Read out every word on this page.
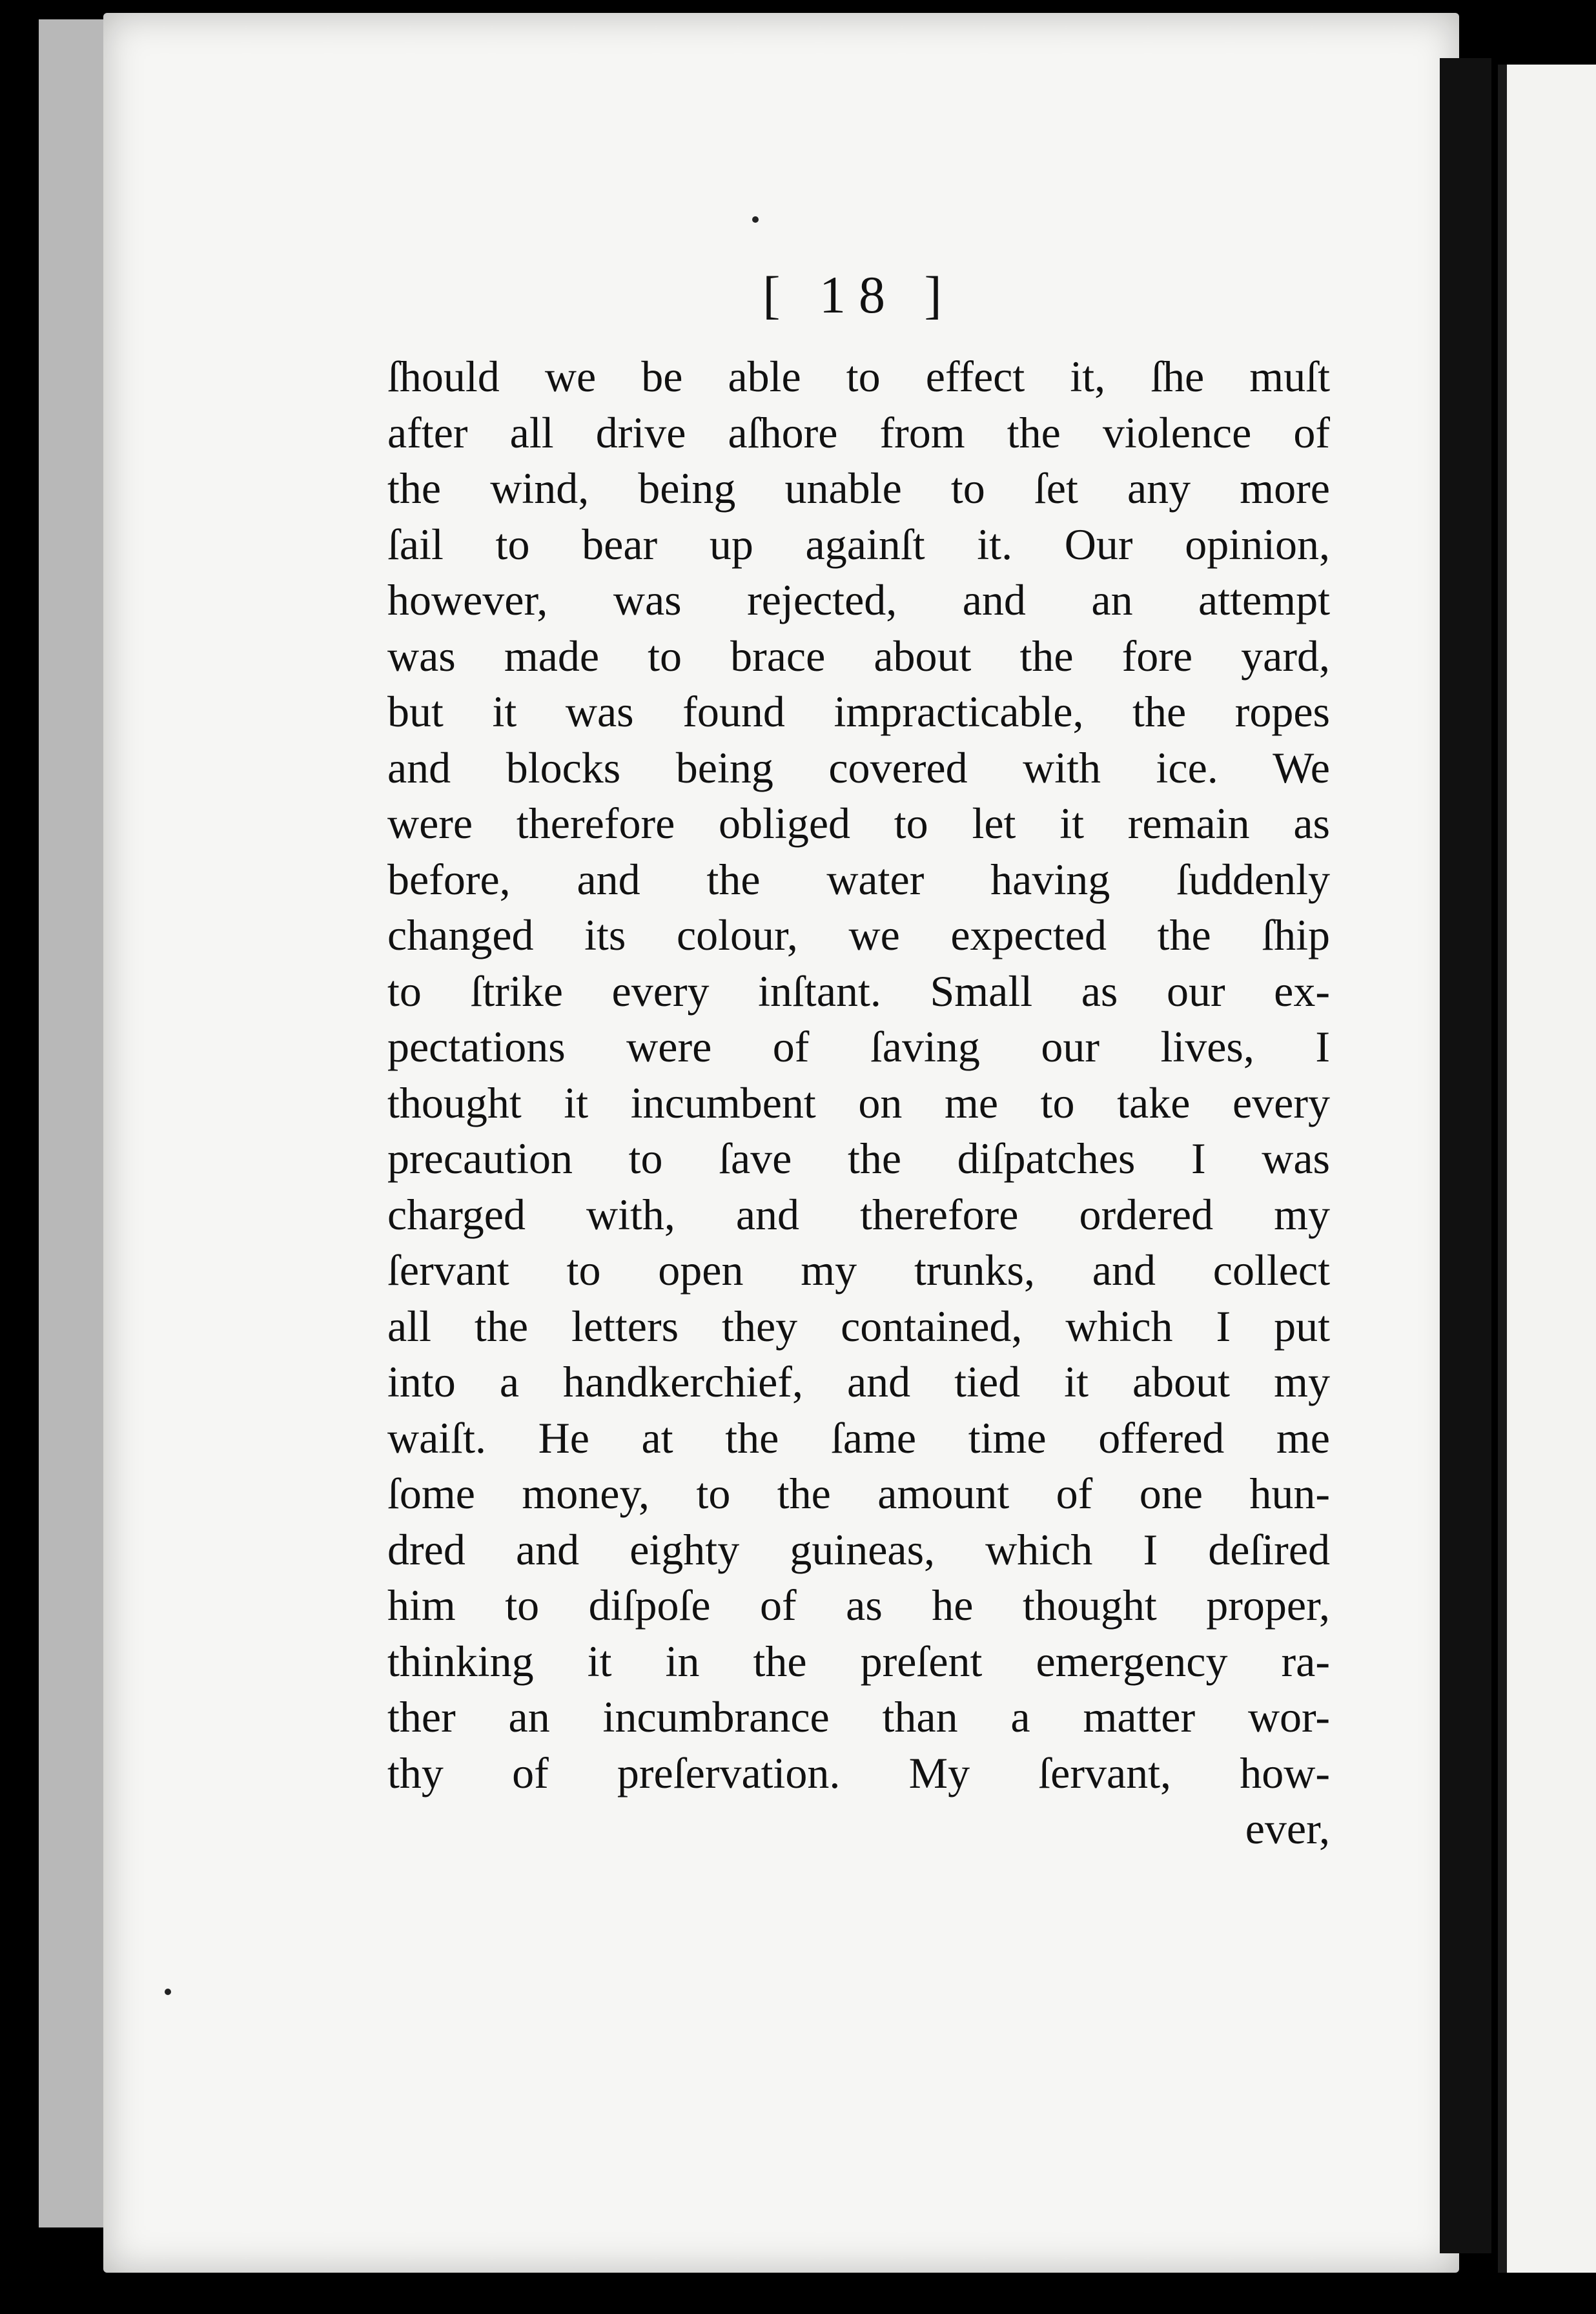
[ 18 ]
ſhould we be able to effect it, ſhe muſt
after all drive aſhore from the violence of
the wind, being unable to ſet any more
ſail to bear up againſt it. Our opinion,
however, was rejected, and an attempt
was made to brace about the fore yard,
but it was found impracticable, the ropes
and blocks being covered with ice. We
were therefore obliged to let it remain as
before, and the water having ſuddenly
changed its colour, we expected the ſhip
to ſtrike every inſtant. Small as our ex-
pectations were of ſaving our lives, I
thought it incumbent on me to take every
precaution to ſave the diſpatches I was
charged with, and therefore ordered my
ſervant to open my trunks, and collect
all the letters they contained, which I put
into a handkerchief, and tied it about my
waiſt. He at the ſame time offered me
ſome money, to the amount of one hun-
dred and eighty guineas, which I deſired
him to diſpoſe of as he thought proper,
thinking it in the preſent emergency ra-
ther an incumbrance than a matter wor-
thy of preſervation. My ſervant, how-
ever,
